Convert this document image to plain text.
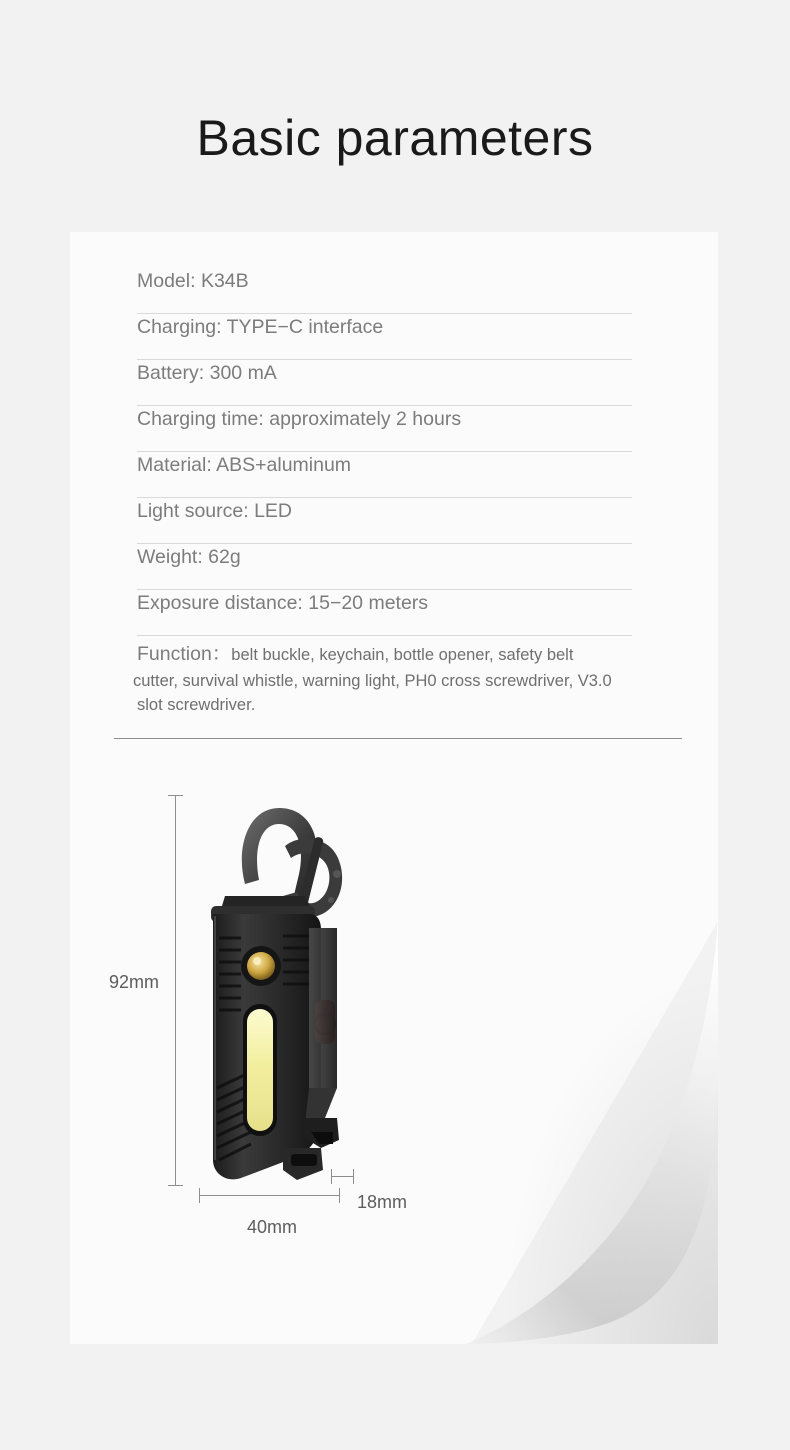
Basic parameters
Model: K34B
Charging: TYPE−C interface
Battery: 300 mA
Charging time: approximately 2 hours
Material: ABS+aluminum
Light source: LED
Weight: 62g
Exposure distance: 15−20 meters
Function：belt buckle, keychain, bottle opener, safety belt
cutter, survival whistle, warning light, PH0 cross screwdriver, V3.0
slot screwdriver.
92mm
40mm
18mm
